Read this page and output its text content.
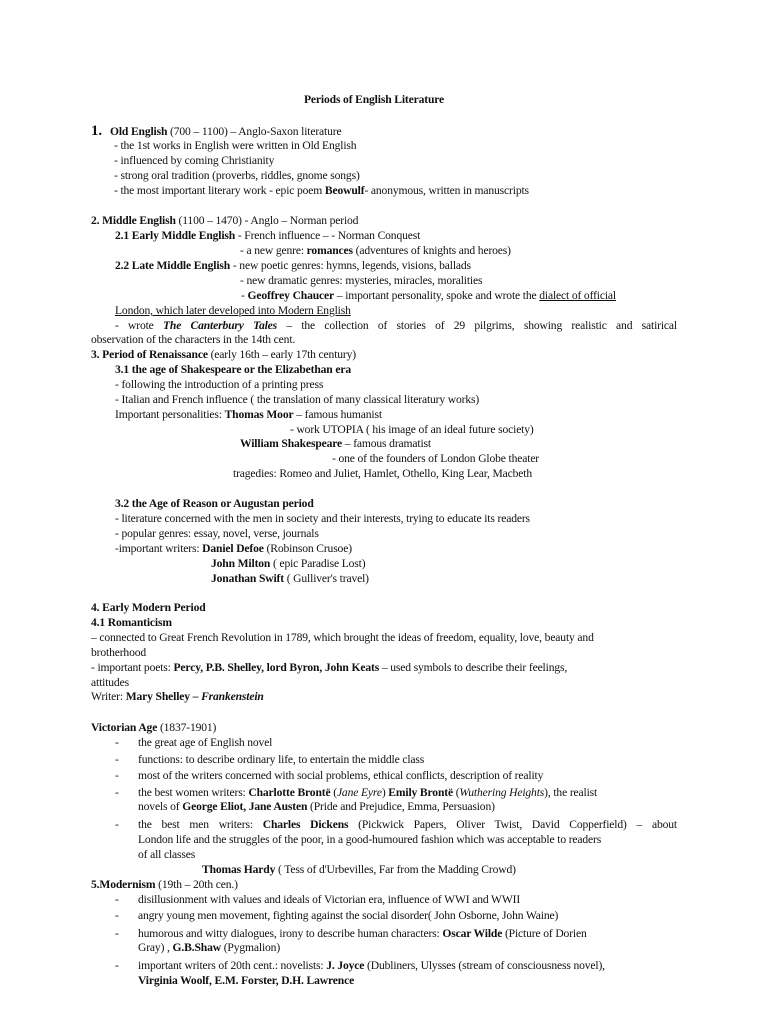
Periods of English Literature
1. Old English (700 – 1100) – Anglo-Saxon literature
- the 1st works in English were written in Old English
- influenced by coming Christianity
- strong oral tradition (proverbs, riddles, gnome songs)
- the most important literary work - epic poem Beowulf- anonymous, written in manuscripts
2. Middle English (1100 – 1470) - Anglo – Norman period
2.1 Early Middle English - French influence – - Norman Conquest
- a new genre: romances (adventures of knights and heroes)
2.2 Late Middle English - new poetic genres: hymns, legends, visions, ballads
- new dramatic genres: mysteries, miracles, moralities
- Geoffrey Chaucer – important personality, spoke and wrote the dialect of official
London, which later developed into Modern English
- wrote The Canterbury Tales – the collection of stories of 29 pilgrims, showing realistic and satirical
observation of the characters in the 14th cent.
3. Period of Renaissance (early 16th – early 17th century)
3.1 the age of Shakespeare or the Elizabethan era
- following the introduction of a printing press
- Italian and French influence ( the translation of many classical literatury works)
Important personalities: Thomas Moor – famous humanist
- work UTOPIA ( his image of an ideal future society)
William Shakespeare – famous dramatist
- one of the founders of London Globe theater
tragedies: Romeo and Juliet, Hamlet, Othello, King Lear, Macbeth
3.2 the Age of Reason or Augustan period
- literature concerned with the men in society and their interests, trying to educate its readers
- popular genres: essay, novel, verse, journals
-important writers: Daniel Defoe (Robinson Crusoe)
John Milton ( epic Paradise Lost)
Jonathan Swift ( Gulliver's travel)
4. Early Modern Period
4.1 Romanticism
– connected to Great French Revolution in 1789, which brought the ideas of freedom, equality, love, beauty and
brotherhood
- important poets: Percy, P.B. Shelley, lord Byron, John Keats – used symbols to describe their feelings,
attitudes
Writer: Mary Shelley – Frankenstein
Victorian Age (1837-1901)
- the great age of English novel
- functions: to describe ordinary life, to entertain the middle class
- most of the writers concerned with social problems, ethical conflicts, description of reality
- the best women writers: Charlotte Brontë (Jane Eyre) Emily Brontë (Wuthering Heights), the realist
novels of George Eliot, Jane Austen (Pride and Prejudice, Emma, Persuasion)
- the best men writers: Charles Dickens (Pickwick Papers, Oliver Twist, David Copperfield) – about
London life and the struggles of the poor, in a good-humoured fashion which was acceptable to readers
of all classes
Thomas Hardy ( Tess of d'Urbevilles, Far from the Madding Crowd)
5.Modernism (19th – 20th cen.)
- disillusionment with values and ideals of Victorian era, influence of WWI and WWII
- angry young men movement, fighting against the social disorder( John Osborne, John Waine)
- humorous and witty dialogues, irony to describe human characters: Oscar Wilde (Picture of Dorien
Gray) , G.B.Shaw (Pygmalion)
- important writers of 20th cent.: novelists: J. Joyce (Dubliners, Ulysses (stream of consciousness novel),
Virginia Woolf, E.M. Forster, D.H. Lawrence
